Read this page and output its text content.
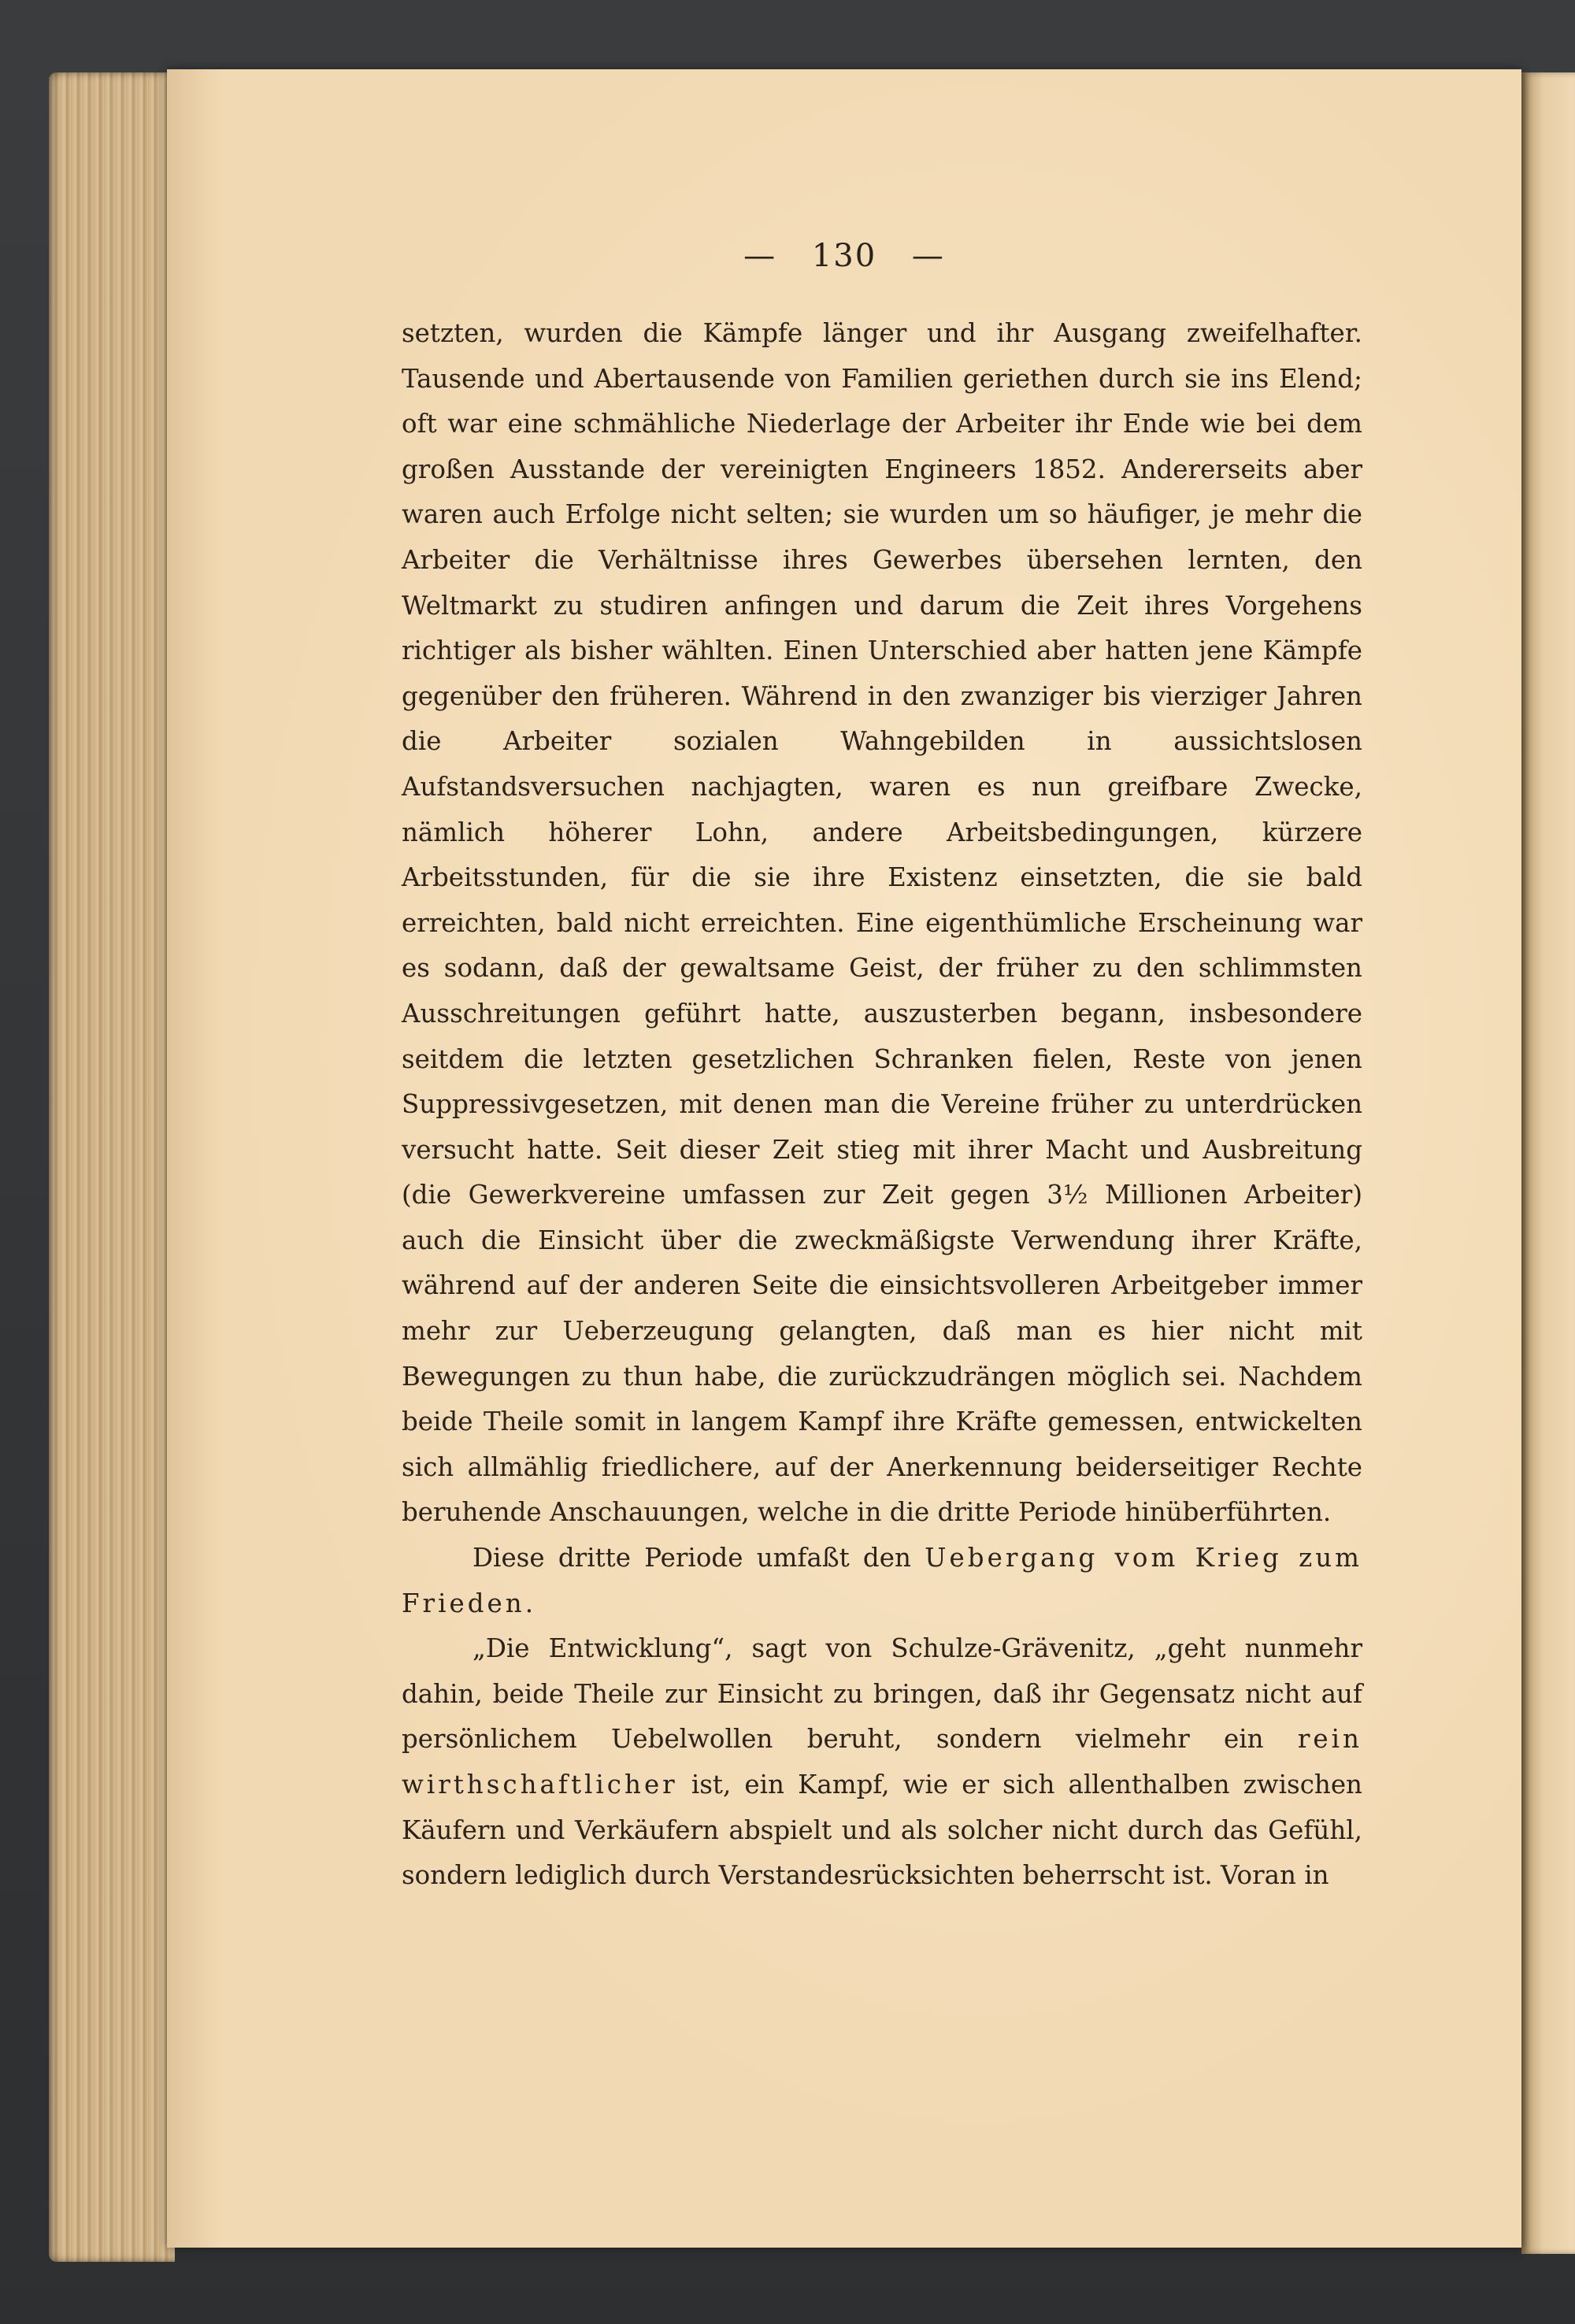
— 130 —

setzten, wurden die Kämpfe länger und ihr Ausgang zweifelhafter. Tausende und Abertausende von Familien geriethen durch sie ins Elend; oft war eine schmähliche Niederlage der Arbeiter ihr Ende wie bei dem großen Ausstande der vereinigten Engineers 1852. Andererseits aber waren auch Erfolge nicht selten; sie wurden um so häufiger, je mehr die Arbeiter die Verhältnisse ihres Gewerbes übersehen lernten, den Weltmarkt zu studiren anfingen und darum die Zeit ihres Vorgehens richtiger als bisher wählten. Einen Unterschied aber hatten jene Kämpfe gegenüber den früheren. Während in den zwanziger bis vierziger Jahren die Arbeiter sozialen Wahngebilden in aussichtslosen Aufstandsversuchen nachjagten, waren es nun greifbare Zwecke, nämlich höherer Lohn, andere Arbeitsbedingungen, kürzere Arbeitsstunden, für die sie ihre Existenz einsetzten, die sie bald erreichten, bald nicht erreichten. Eine eigenthümliche Erscheinung war es sodann, daß der gewaltsame Geist, der früher zu den schlimmsten Ausschreitungen geführt hatte, auszusterben begann, insbesondere seitdem die letzten gesetzlichen Schranken fielen, Reste von jenen Suppressivgesetzen, mit denen man die Vereine früher zu unterdrücken versucht hatte. Seit dieser Zeit stieg mit ihrer Macht und Ausbreitung (die Gewerkvereine umfassen zur Zeit gegen 3½ Millionen Arbeiter) auch die Einsicht über die zweckmäßigste Verwendung ihrer Kräfte, während auf der anderen Seite die einsichtsvolleren Arbeitgeber immer mehr zur Ueberzeugung gelangten, daß man es hier nicht mit Bewegungen zu thun habe, die zurückzudrängen möglich sei. Nachdem beide Theile somit in langem Kampf ihre Kräfte gemessen, entwickelten sich allmählig friedlichere, auf der Anerkennung beiderseitiger Rechte beruhende Anschauungen, welche in die dritte Periode hinüberführten.

Diese dritte Periode umfaßt den Uebergang vom Krieg zum Frieden.

„Die Entwicklung“, sagt von Schulze-Grävenitz, „geht nunmehr dahin, beide Theile zur Einsicht zu bringen, daß ihr Gegensatz nicht auf persönlichem Uebelwollen beruht, sondern vielmehr ein rein wirthschaftlicher ist, ein Kampf, wie er sich allenthalben zwischen Käufern und Verkäufern abspielt und als solcher nicht durch das Gefühl, sondern lediglich durch Verstandesrücksichten beherrscht ist. Voran in
